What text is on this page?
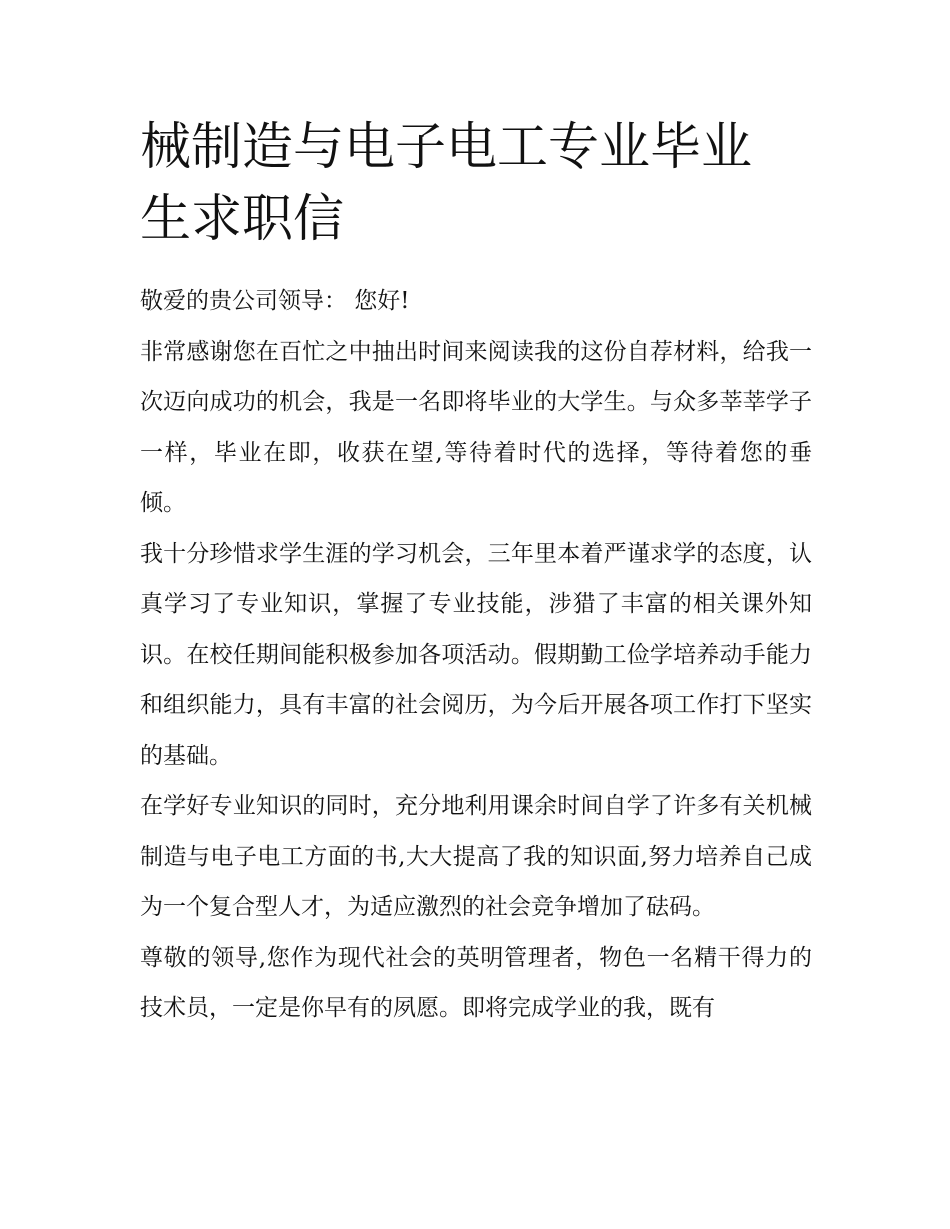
械制造与电子电工专业毕业生求职信

敬爱的贵公司领导： 您好!

非常感谢您在百忙之中抽出时间来阅读我的这份自荐材料，给我一次迈向成功的机会，我是一名即将毕业的大学生。与众多莘莘学子一样，毕业在即，收获在望,等待着时代的选择，等待着您的垂倾。

我十分珍惜求学生涯的学习机会，三年里本着严谨求学的态度，认真学习了专业知识，掌握了专业技能，涉猎了丰富的相关课外知识。在校任期间能积极参加各项活动。假期勤工俭学培养动手能力和组织能力，具有丰富的社会阅历，为今后开展各项工作打下坚实的基础。

在学好专业知识的同时，充分地利用课余时间自学了许多有关机械制造与电子电工方面的书,大大提高了我的知识面,努力培养自己成为一个复合型人才，为适应激烈的社会竞争增加了砝码。

尊敬的领导,您作为现代社会的英明管理者，物色一名精干得力的技术员，一定是你早有的夙愿。即将完成学业的我，既有
